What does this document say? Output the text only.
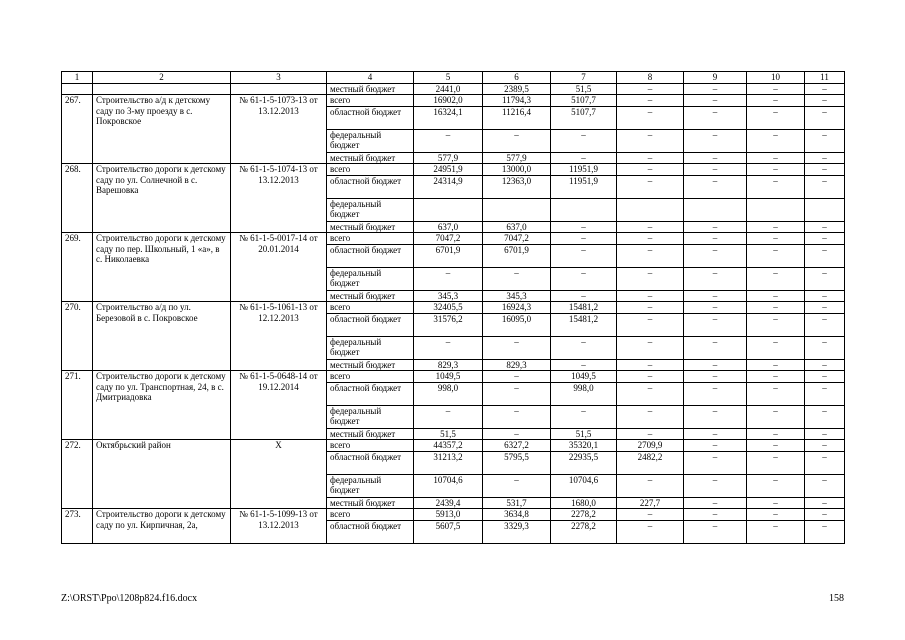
1	2	3	4	5	6	7	8	9	10	11
			местный бюджет	2441,0	2389,5	51,5	–	–	–	–
267.	Строительство а/д к детскому саду по 3-му проезду в с. Покровское	№ 61-1-5-1073-13 от 13.12.2013	всего	16902,0	11794,3	5107,7	–	–	–	–
			областной бюджет	16324,1	11216,4	5107,7	–	–	–	–
			федеральный бюджет	–	–	–	–	–	–	–
			местный бюджет	577,9	577,9	–	–	–	–	–
268.	Строительство дороги к детскому саду по ул. Солнечной в с. Варешовка	№ 61-1-5-1074-13 от 13.12.2013	всего	24951,9	13000,0	11951,9	–	–	–	–
			областной бюджет	24314,9	12363,0	11951,9	–	–	–	–
			федеральный бюджет							
			местный бюджет	637,0	637,0	–	–	–	–	–
269.	Строительство дороги к детскому саду по пер. Школьный, 1 «а», в с. Николаевка	№ 61-1-5-0017-14 от 20.01.2014	всего	7047,2	7047,2	–	–	–	–	–
			областной бюджет	6701,9	6701,9	–	–	–	–	–
			федеральный бюджет	–	–	–	–	–	–	–
			местный бюджет	345,3	345,3	–	–	–	–	–
270.	Строительство а/д по ул. Березовой в с. Покровское	№ 61-1-5-1061-13 от 12.12.2013	всего	32405,5	16924,3	15481,2	–	–	–	–
			областной бюджет	31576,2	16095,0	15481,2	–	–	–	–
			федеральный бюджет	–	–	–	–	–	–	–
			местный бюджет	829,3	829,3	–	–	–	–	–
271.	Строительство дороги к детскому саду по ул. Транспортная, 24, в с. Дмитриадовка	№ 61-1-5-0648-14 от 19.12.2014	всего	1049,5	–	1049,5	–	–	–	–
			областной бюджет	998,0	–	998,0	–	–	–	–
			федеральный бюджет	–	–	–	–	–	–	–
			местный бюджет	51,5	–	51,5	–	–	–	–
272.	Октябрьский район	Х	всего	44357,2	6327,2	35320,1	2709,9	–	–	–
			областной бюджет	31213,2	5795,5	22935,5	2482,2	–	–	–
			федеральный бюджет	10704,6	–	10704,6	–	–	–	–
			местный бюджет	2439,4	531,7	1680,0	227,7	–	–	–
273.	Строительство дороги к детскому саду по ул. Кирпичная, 2а,	№ 61-1-5-1099-13 от 13.12.2013	всего	5913,0	3634,8	2278,2	–	–	–	–
			областной бюджет	5607,5	3329,3	2278,2	–	–	–	–
Z:\ORST\Ppo\1208p824.f16.docx	158
